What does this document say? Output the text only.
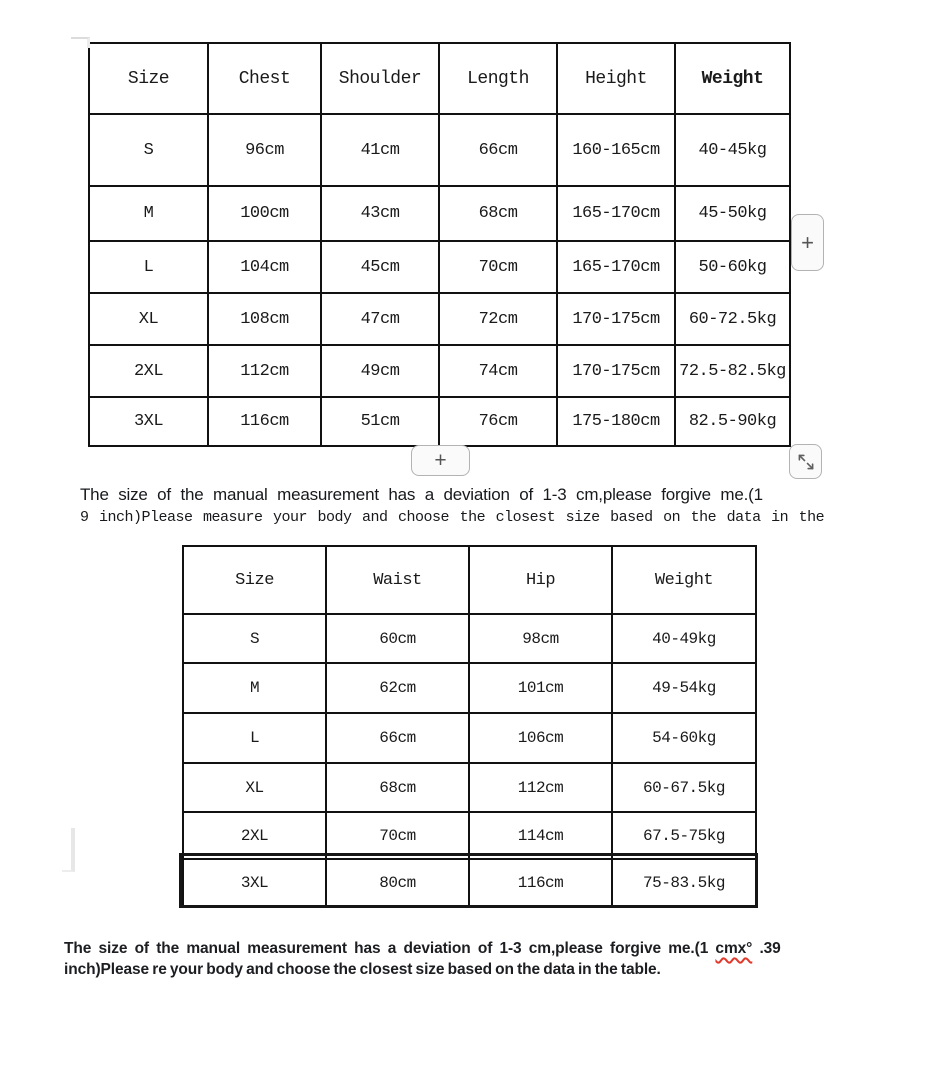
Size	Chest	Shoulder	Length	Height	Weight
S	96cm	41cm	66cm	160-165cm	40-45kg
M	100cm	43cm	68cm	165-170cm	45-50kg
L	104cm	45cm	70cm	165-170cm	50-60kg
XL	108cm	47cm	72cm	170-175cm	60-72.5kg
2XL	112cm	49cm	74cm	170-175cm	72.5-82.5kg
3XL	116cm	51cm	76cm	175-180cm	82.5-90kg
+
+
The size of the manual measurement has a deviation of 1-3 cm,please forgive me.(1
9 inch)Please measure your body and choose the closest size based on the data in the
Size	Waist	Hip	Weight
S	60cm	98cm	40-49kg
M	62cm	101cm	49-54kg
L	66cm	106cm	54-60kg
XL	68cm	112cm	60-67.5kg
2XL	70cm	114cm	67.5-75kg
3XL	80cm	116cm	75-83.5kg
The size of the manual measurement has a deviation of 1-3 cm,please forgive me.(1 cmx° .39
inch)Please re your body and choose the closest size based on the data in the table.
